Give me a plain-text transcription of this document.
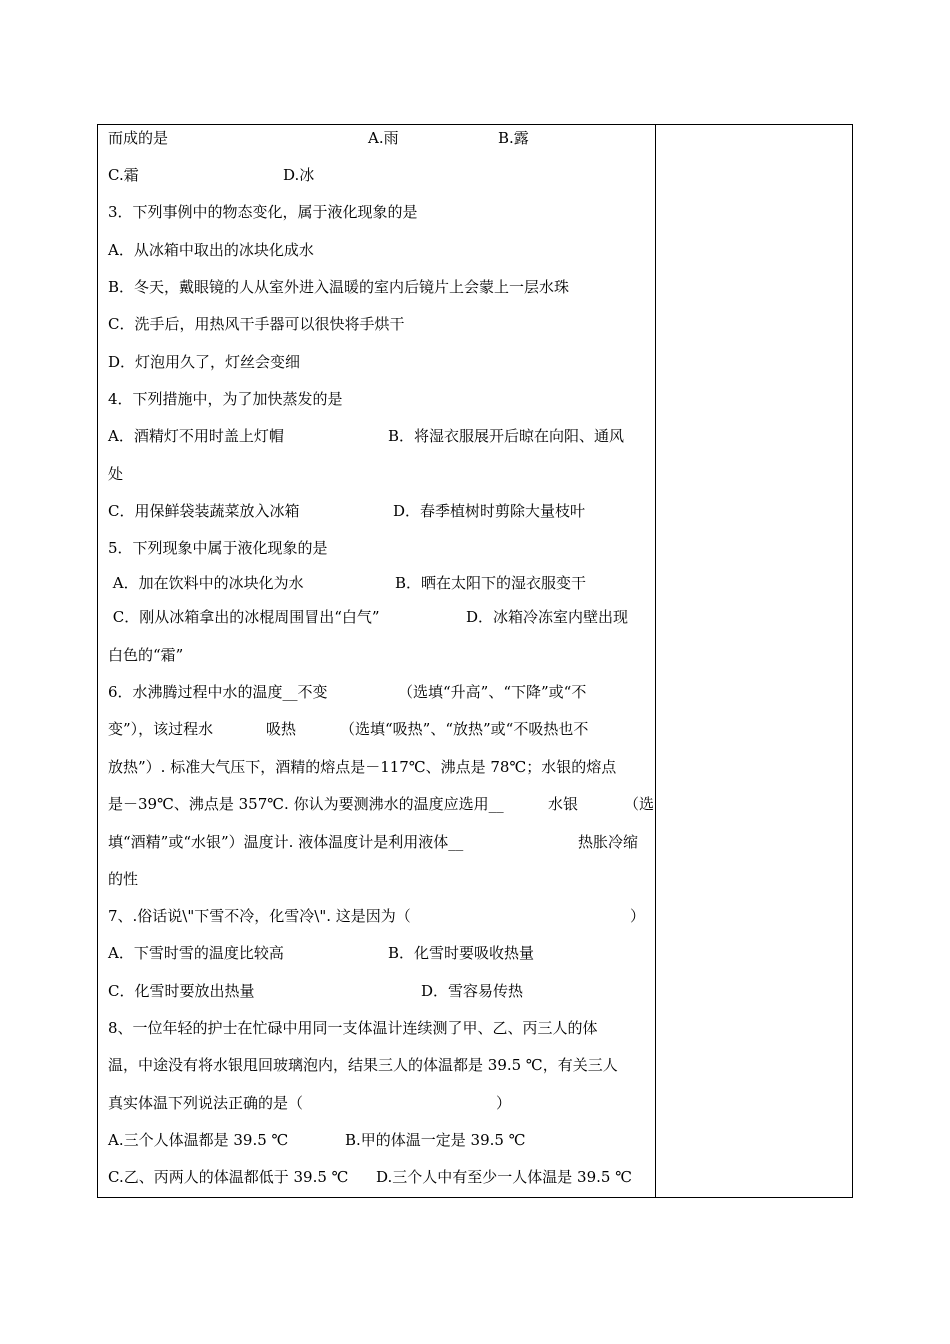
而成的是	A.雨	B.露
C.霜	D.冰
3．下列事例中的物态变化，属于液化现象的是
A．从冰箱中取出的冰块化成水
B．冬天，戴眼镜的人从室外进入温暖的室内后镜片上会蒙上一层水珠
C．洗手后，用热风干手器可以很快将手烘干
D．灯泡用久了，灯丝会变细
4．下列措施中，为了加快蒸发的是
A．酒精灯不用时盖上灯帽	B．将湿衣服展开后晾在向阳、通风
处
C．用保鲜袋装蔬菜放入冰箱	D．春季植树时剪除大量枝叶
5．下列现象中属于液化现象的是
A．加在饮料中的冰块化为水	B．晒在太阳下的湿衣服变干
C．刚从冰箱拿出的冰棍周围冒出“白气”	D．冰箱冷冻室内壁出现
白色的“霜”
6．水沸腾过程中水的温度__不变	（选填“升高”、“下降”或“不
变”），该过程水	吸热	（选填“吸热”、“放热”或“不吸热也不
放热”）. 标准大气压下，酒精的熔点是－117℃、沸点是 78℃；水银的熔点
是－39℃、沸点是 357℃. 你认为要测沸水的温度应选用__	水银	（选
填“酒精”或“水银”）温度计. 液体温度计是利用液体__	热胀冷缩
的性
7、.俗话说\"下雪不冷，化雪冷\". 这是因为（	）
A．下雪时雪的温度比较高	B．化雪时要吸收热量
C．化雪时要放出热量	D．雪容易传热
8、一位年轻的护士在忙碌中用同一支体温计连续测了甲、乙、丙三人的体
温，中途没有将水银甩回玻璃泡内，结果三人的体温都是 39.5 ℃，有关三人
真实体温下列说法正确的是（	）
A.三个人体温都是 39.5 ℃	B.甲的体温一定是 39.5 ℃
C.乙、丙两人的体温都低于 39.5 ℃ D.三个人中有至少一人体温是 39.5 ℃
